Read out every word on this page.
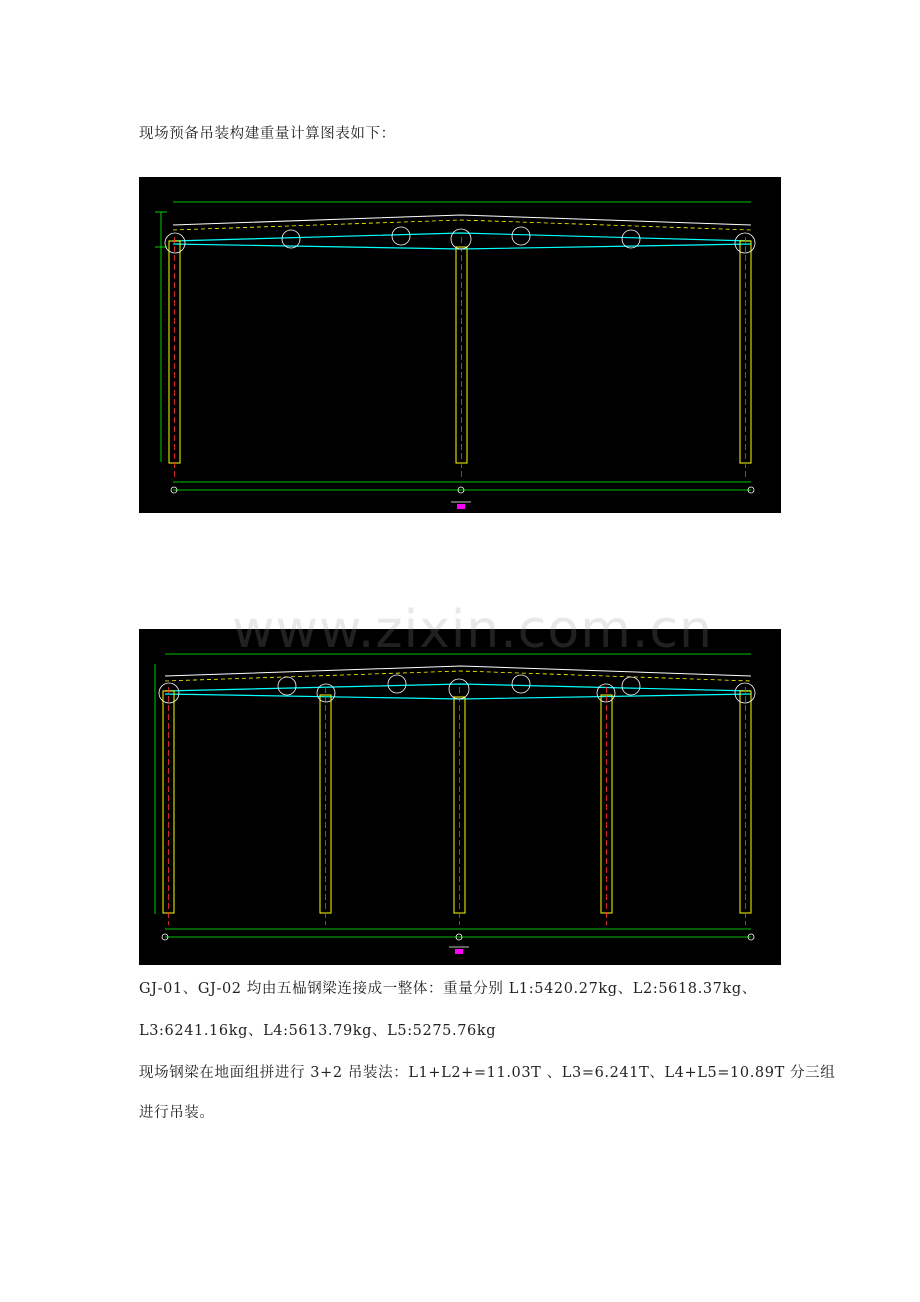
现场预备吊装构建重量计算图表如下：
www.zixin.com.cn
GJ-01、GJ-02 均由五榀钢梁连接成一整体：重量分别 L1:5420.27kg、L2:5618.37kg、
L3:6241.16kg、L4:5613.79kg、L5:5275.76kg
现场钢梁在地面组拼进行 3+2 吊装法：L1+L2+=11.03T 、L3=6.241T、L4+L5=10.89T 分三组
进行吊装。
